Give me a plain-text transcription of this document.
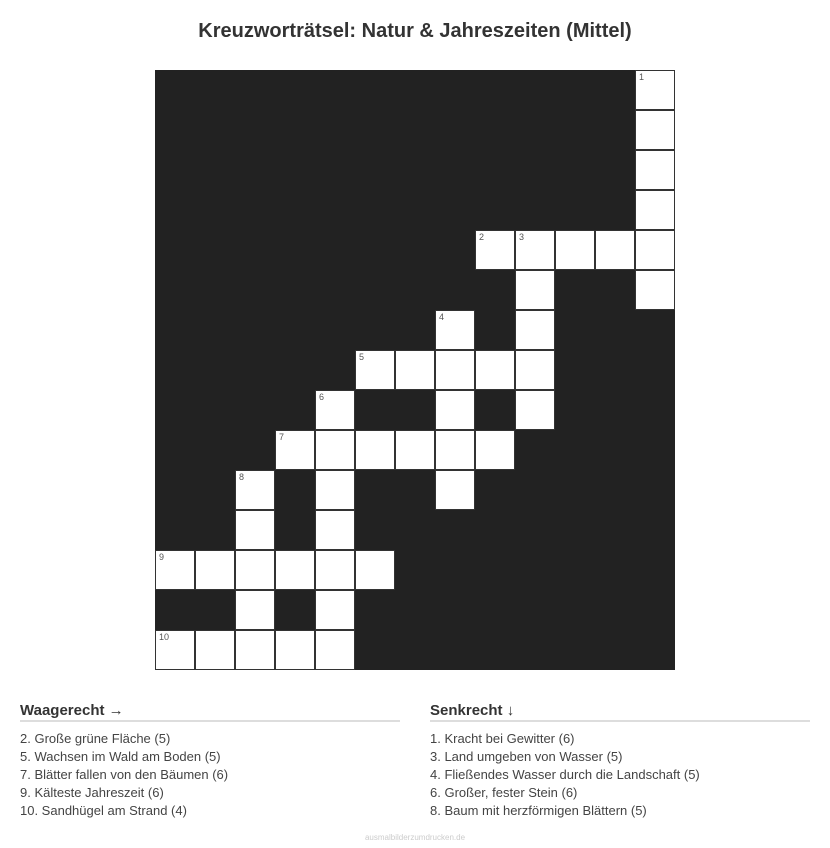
Kreuzworträtsel: Natur & Jahreszeiten (Mittel)
1
2	3
4
5
6
7
8
9
10
Waagerecht →
2. Große grüne Fläche (5)
5. Wachsen im Wald am Boden (5)
7. Blätter fallen von den Bäumen (6)
9. Kälteste Jahreszeit (6)
10. Sandhügel am Strand (4)
Senkrecht ↓
1. Kracht bei Gewitter (6)
3. Land umgeben von Wasser (5)
4. Fließendes Wasser durch die Landschaft (5)
6. Großer, fester Stein (6)
8. Baum mit herzförmigen Blättern (5)
ausmalbilderzumdrucken.de
